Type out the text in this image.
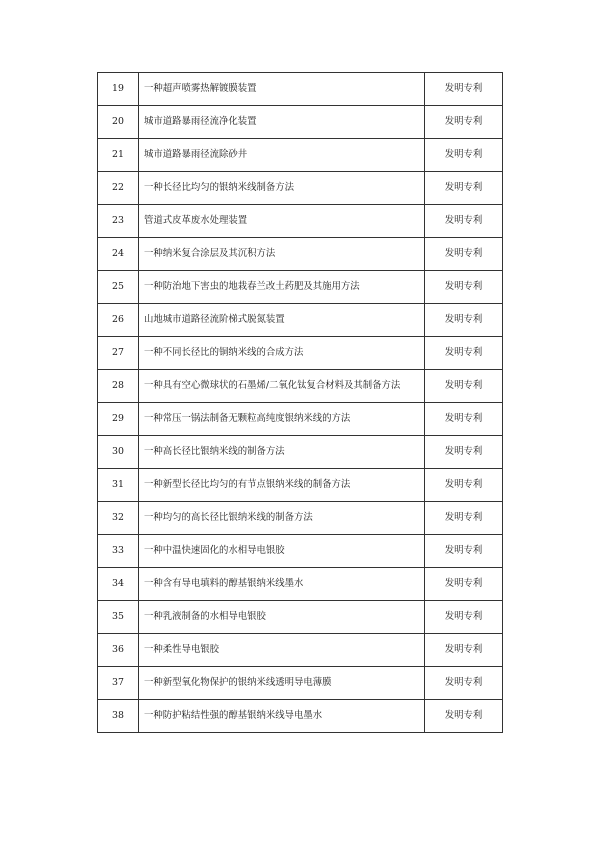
19	一种超声喷雾热解镀膜装置	发明专利
20	城市道路暴雨径流净化装置	发明专利
21	城市道路暴雨径流除砂井	发明专利
22	一种长径比均匀的银纳米线制备方法	发明专利
23	管道式皮革废水处理装置	发明专利
24	一种纳米复合涂层及其沉积方法	发明专利
25	一种防治地下害虫的地栽春兰改土药肥及其施用方法	发明专利
26	山地城市道路径流阶梯式脱氮装置	发明专利
27	一种不同长径比的铜纳米线的合成方法	发明专利
28	一种具有空心微球状的石墨烯/二氧化钛复合材料及其制备方法	发明专利
29	一种常压一锅法制备无颗粒高纯度银纳米线的方法	发明专利
30	一种高长径比银纳米线的制备方法	发明专利
31	一种新型长径比均匀的有节点银纳米线的制备方法	发明专利
32	一种均匀的高长径比银纳米线的制备方法	发明专利
33	一种中温快速固化的水相导电银胶	发明专利
34	一种含有导电填料的醇基银纳米线墨水	发明专利
35	一种乳液制备的水相导电银胶	发明专利
36	一种柔性导电银胶	发明专利
37	一种新型氧化物保护的银纳米线透明导电薄膜	发明专利
38	一种防护粘结性强的醇基银纳米线导电墨水	发明专利
